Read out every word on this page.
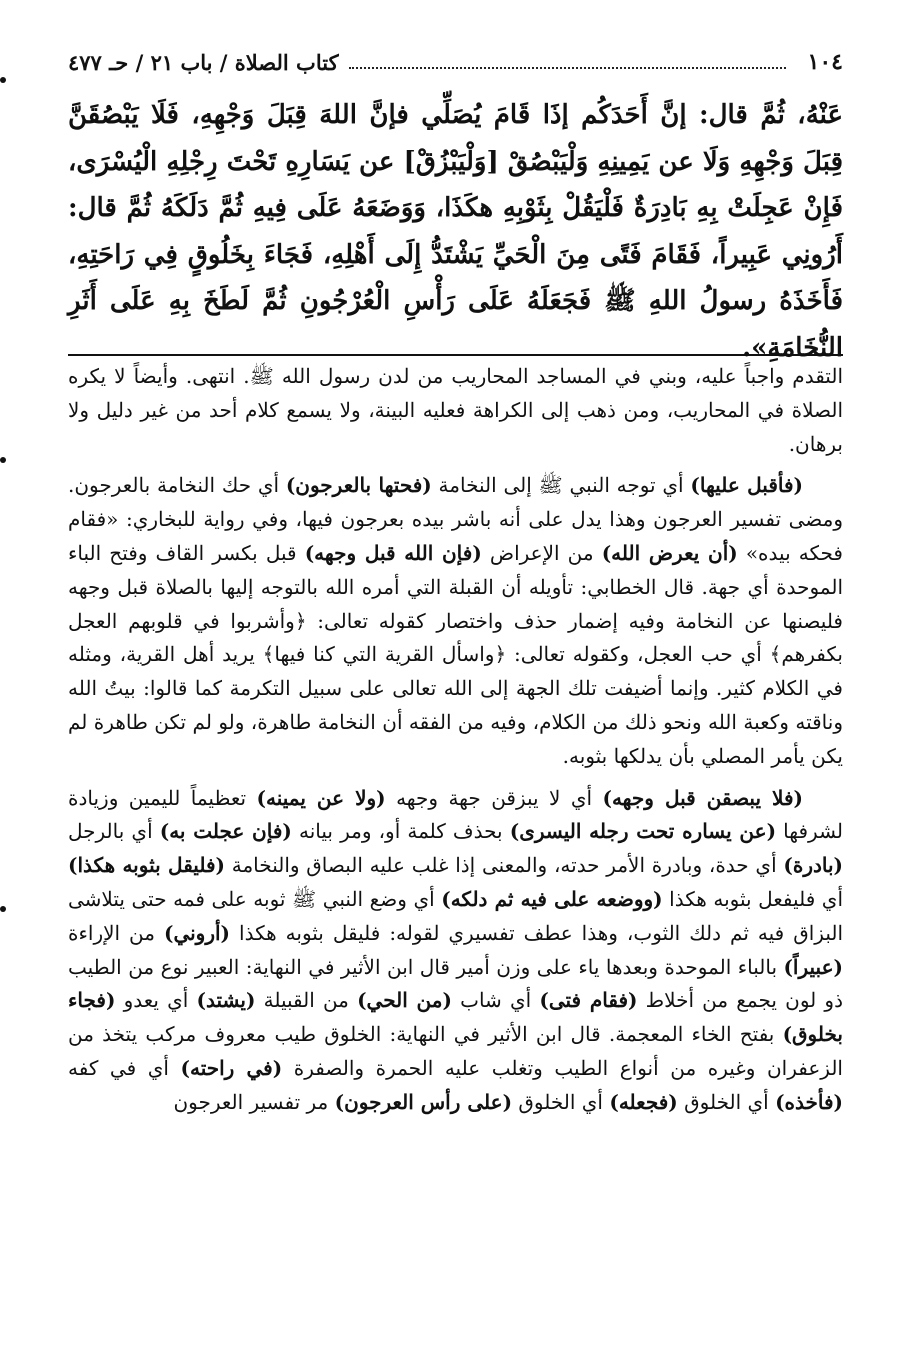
١٠٤
كتاب الصلاة / باب ٢١ / حـ ٤٧٧
عَنْهُ، ثُمَّ قال: إنَّ أَحَدَكُم إذَا قَامَ يُصَلِّي فإنَّ اللهَ قِبَلَ وَجْهِهِ، فَلَا يَبْصُقَنَّ قِبَلَ وَجْهِهِ وَلَا عن يَمِينِهِ وَلْيَبْصُقْ [وَلْيَبْزُقْ] عن يَسَارِهِ تَحْتَ رِجْلِهِ الْيُسْرَى، فَإِنْ عَجِلَتْ بِهِ بَادِرَةٌ فَلْيَقُلْ بِثَوْبِهِ هكَذَا، وَوَضَعَهُ عَلَى فِيهِ ثُمَّ دَلَكَهُ ثُمَّ قال: أَرُونِي عَبِيراً، فَقَامَ فَتًى مِنَ الْحَيِّ يَشْتَدُّ إِلَى أَهْلِهِ، فَجَاءَ بِخَلُوقٍ فِي رَاحَتِهِ، فَأَخَذَهُ رسولُ اللهِ ﷺ فَجَعَلَهُ عَلَى رَأْسِ الْعُرْجُونِ ثُمَّ لَطَخَ بِهِ عَلَى أَثَرِ النُّخَامَةِ».

التقدم واجباً عليه، وبني في المساجد المحاريب من لدن رسول الله ﷺ. انتهى. وأيضاً لا يكره الصلاة في المحاريب، ومن ذهب إلى الكراهة فعليه البينة، ولا يسمع كلام أحد من غير دليل ولا برهان.

(فأقبل عليها) أي توجه النبي ﷺ إلى النخامة (فحتها بالعرجون) أي حك النخامة بالعرجون. ومضى تفسير العرجون وهذا يدل على أنه باشر بيده بعرجون فيها، وفي رواية للبخاري: «فقام فحكه بيده» (أن يعرض الله) من الإعراض (فإن الله قبل وجهه) قبل بكسر القاف وفتح الباء الموحدة أي جهة. قال الخطابي: تأويله أن القبلة التي أمره الله بالتوجه إليها بالصلاة قبل وجهه فليصنها عن النخامة وفيه إضمار حذف واختصار كقوله تعالى: ﴿وأشربوا في قلوبهم العجل بكفرهم﴾ أي حب العجل، وكقوله تعالى: ﴿واسأل القرية التي كنا فيها﴾ يريد أهل القرية، ومثله في الكلام كثير. وإنما أضيفت تلك الجهة إلى الله تعالى على سبيل التكرمة كما قالوا: بيتُ الله وناقته وكعبة الله ونحو ذلك من الكلام، وفيه من الفقه أن النخامة طاهرة، ولو لم تكن طاهرة لم يكن يأمر المصلي بأن يدلكها بثوبه.

(فلا يبصقن قبل وجهه) أي لا يبزقن جهة وجهه (ولا عن يمينه) تعظيماً لليمين وزيادة لشرفها (عن يساره تحت رجله اليسرى) بحذف كلمة أو، ومر بيانه (فإن عجلت به) أي بالرجل (بادرة) أي حدة، وبادرة الأمر حدته، والمعنى إذا غلب عليه البصاق والنخامة (فليقل بثوبه هكذا) أي فليفعل بثوبه هكذا (ووضعه على فيه ثم دلكه) أي وضع النبي ﷺ ثوبه على فمه حتى يتلاشى البزاق فيه ثم دلك الثوب، وهذا عطف تفسيري لقوله: فليقل بثوبه هكذا (أروني) من الإراءة (عبيراً) بالباء الموحدة وبعدها ياء على وزن أمير قال ابن الأثير في النهاية: العبير نوع من الطيب ذو لون يجمع من أخلاط (فقام فتى) أي شاب (من الحي) من القبيلة (يشتد) أي يعدو (فجاء بخلوق) بفتح الخاء المعجمة. قال ابن الأثير في النهاية: الخلوق طيب معروف مركب يتخذ من الزعفران وغيره من أنواع الطيب وتغلب عليه الحمرة والصفرة (في راحته) أي في كفه (فأخذه) أي الخلوق (فجعله) أي الخلوق (على رأس العرجون) مر تفسير العرجون
